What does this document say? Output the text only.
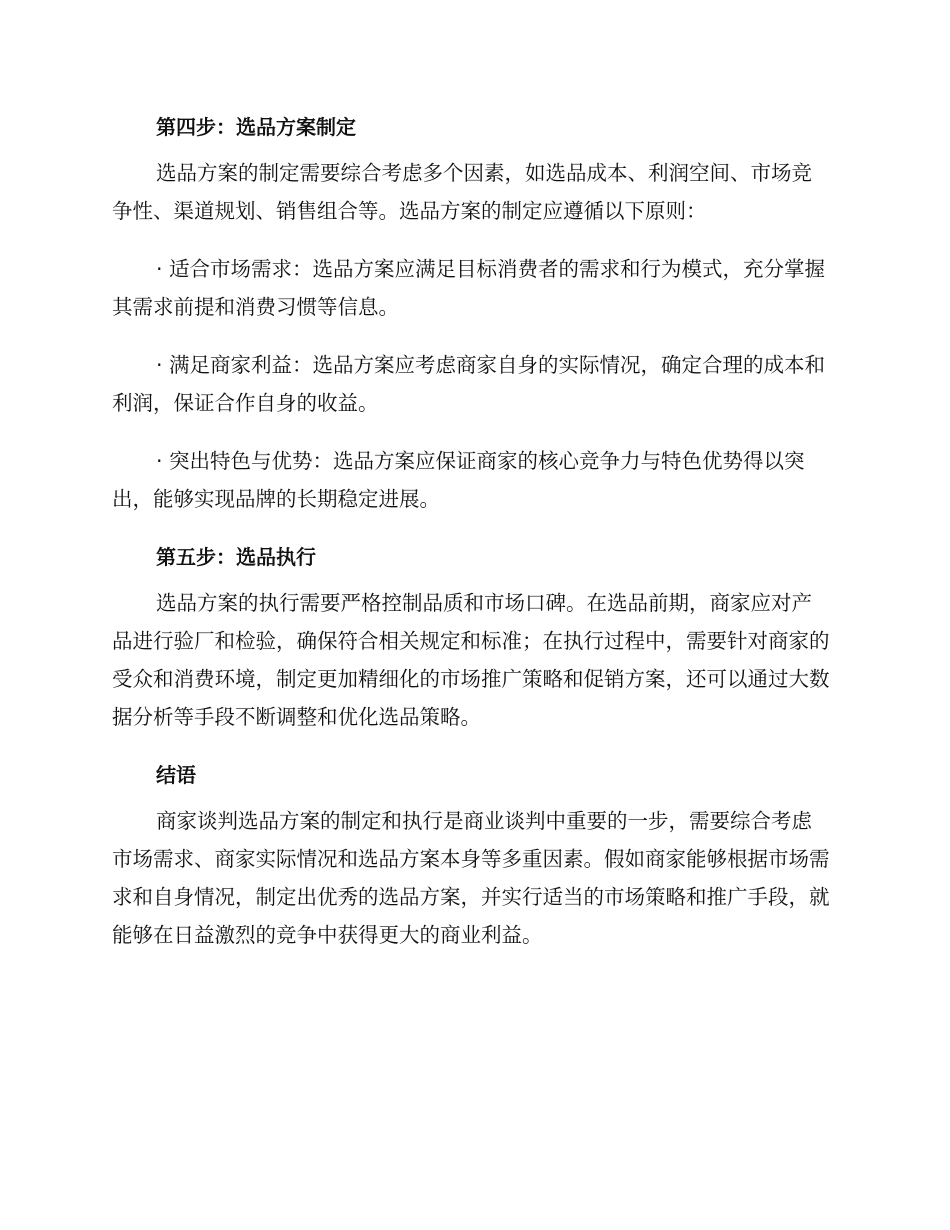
第四步：选品方案制定

选品方案的制定需要综合考虑多个因素，如选品成本、利润空间、市场竞争性、渠道规划、销售组合等。选品方案的制定应遵循以下原则：

· 适合市场需求：选品方案应满足目标消费者的需求和行为模式，充分掌握其需求前提和消费习惯等信息。

· 满足商家利益：选品方案应考虑商家自身的实际情况，确定合理的成本和利润，保证合作自身的收益。

· 突出特色与优势：选品方案应保证商家的核心竞争力与特色优势得以突出，能够实现品牌的长期稳定进展。

第五步：选品执行

选品方案的执行需要严格控制品质和市场口碑。在选品前期，商家应对产品进行验厂和检验，确保符合相关规定和标准；在执行过程中，需要针对商家的受众和消费环境，制定更加精细化的市场推广策略和促销方案，还可以通过大数据分析等手段不断调整和优化选品策略。

结语

商家谈判选品方案的制定和执行是商业谈判中重要的一步，需要综合考虑市场需求、商家实际情况和选品方案本身等多重因素。假如商家能够根据市场需求和自身情况，制定出优秀的选品方案，并实行适当的市场策略和推广手段，就能够在日益激烈的竞争中获得更大的商业利益。
